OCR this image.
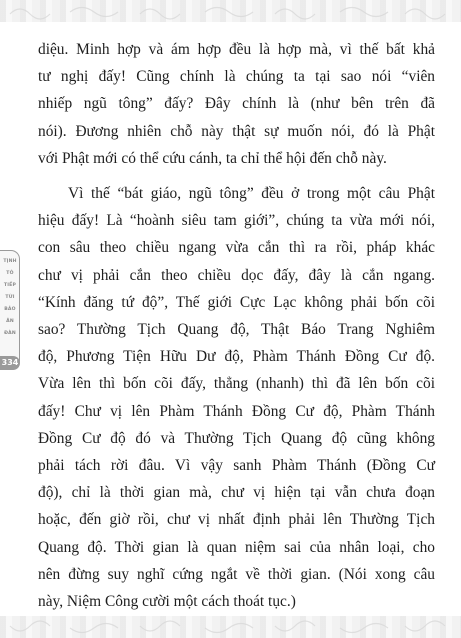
TỊNH
TÔ
TIẾP
TỪI
BẢO
ÂN
ĐÀN
334

diệu. Minh hợp và ám hợp đều là hợp mà, vì thế bất khả
tư nghị đấy! Cũng chính là chúng ta tại sao nói “viên
nhiếp ngũ tông” đấy? Đây chính là (như bên trên đã
nói). Đương nhiên chỗ này thật sự muốn nói, đó là Phật
với Phật mới có thể cứu cánh, ta chỉ thể hội đến chỗ này.

Vì thế “bát giáo, ngũ tông” đều ở trong một câu Phật
hiệu đấy! Là “hoành siêu tam giới”, chúng ta vừa mới nói,
con sâu theo chiều ngang vừa cắn thì ra rồi, pháp khác
chư vị phải cắn theo chiều dọc đấy, đây là cắn ngang.
“Kính đăng tứ độ”, Thế giới Cực Lạc không phải bốn cõi
sao? Thường Tịch Quang độ, Thật Báo Trang Nghiêm
độ, Phương Tiện Hữu Dư độ, Phàm Thánh Đồng Cư độ.
Vừa lên thì bốn cõi đấy, thẳng (nhanh) thì đã lên bốn cõi
đấy! Chư vị lên Phàm Thánh Đồng Cư độ, Phàm Thánh
Đồng Cư độ đó và Thường Tịch Quang độ cũng không
phải tách rời đâu. Vì vậy sanh Phàm Thánh (Đồng Cư
độ), chỉ là thời gian mà, chư vị hiện tại vẫn chưa đoạn
hoặc, đến giờ rồi, chư vị nhất định phải lên Thường Tịch
Quang độ. Thời gian là quan niệm sai của nhân loại, cho
nên đừng suy nghĩ cứng ngắt về thời gian. (Nói xong câu
này, Niệm Công cười một cách thoát tục.)
